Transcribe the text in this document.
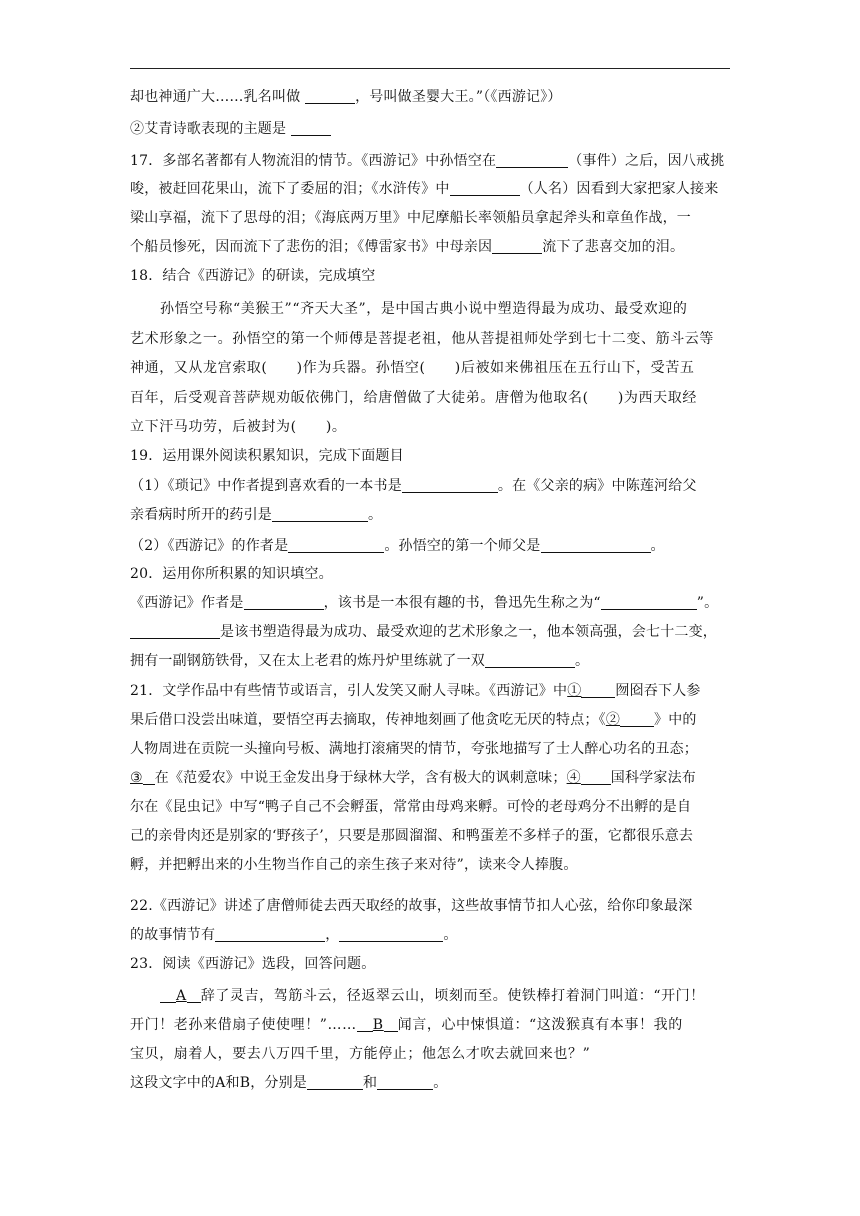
却也神通广大……乳名叫做	，号叫做圣婴大王。”（《西游记》）
②艾青诗歌表现的主题是
17．多部名著都有人物流泪的情节。《西游记》中孙悟空在	（事件）之后，因八戒挑
唆，被赶回花果山，流下了委屈的泪；《水浒传》中	（人名）因看到大家把家人接来
梁山享福，流下了思母的泪；《海底两万里》中尼摩船长率领船员拿起斧头和章鱼作战，一
个船员惨死，因而流下了悲伤的泪；《傅雷家书》中母亲因	流下了悲喜交加的泪。
18．结合《西游记》的研读，完成填空
孙悟空号称“美猴王”“齐天大圣”，是中国古典小说中塑造得最为成功、最受欢迎的
艺术形象之一。孙悟空的第一个师傅是菩提老祖，他从菩提祖师处学到七十二变、筋斗云等
神通，又从龙宫索取(　　)作为兵器。孙悟空(　　)后被如来佛祖压在五行山下，受苦五
百年，后受观音菩萨规劝皈依佛门，给唐僧做了大徒弟。唐僧为他取名(　　)为西天取经
立下汗马功劳，后被封为(　　)。
19．运用课外阅读积累知识，完成下面题目
（1）《琐记》中作者提到喜欢看的一本书是	。在《父亲的病》中陈莲河给父
亲看病时所开的药引是	。
（2）《西游记》的作者是	。孙悟空的第一个师父是	。
20．运用你所积累的知识填空。
《西游记》作者是	，该书是一本很有趣的书，鲁迅先生称之为“	”。
是该书塑造得最为成功、最受欢迎的艺术形象之一，他本领高强，会七十二变，
拥有一副钢筋铁骨，又在太上老君的炼丹炉里练就了一双	。
21．文学作品中有些情节或语言，引人发笑又耐人寻味。《西游记》中① 囫囵吞下人参
果后借口没尝出味道，要悟空再去摘取，传神地刻画了他贪吃无厌的特点；《② 》中的
人物周进在贡院一头撞向号板、满地打滚痛哭的情节，夸张地描写了士人醉心功名的丑态；
③ 在《范爱农》中说王金发出身于绿林大学，含有极大的讽刺意味；④ 国科学家法布
尔在《昆虫记》中写“鸭子自己不会孵蛋，常常由母鸡来孵。可怜的老母鸡分不出孵的是自
己的亲骨肉还是别家的‘野孩子’，只要是那圆溜溜、和鸭蛋差不多样子的蛋，它都很乐意去
孵，并把孵出来的小生物当作自己的亲生孩子来对待”，读来令人捧腹。
22.《西游记》讲述了唐僧师徒去西天取经的故事，这些故事情节扣人心弦，给你印象最深
的故事情节有	，	。
23．阅读《西游记》选段，回答问题。
A 辞了灵吉，驾筋斗云，径返翠云山，顷刻而至。使铁棒打着洞门叫道：“开门！
开门！老孙来借扇子使使哩！”…… B 闻言，心中悚惧道：“这泼猴真有本事！我的
宝贝，扇着人，要去八万四千里，方能停止；他怎么才吹去就回来也？”
这段文字中的A和B，分别是	和	。
